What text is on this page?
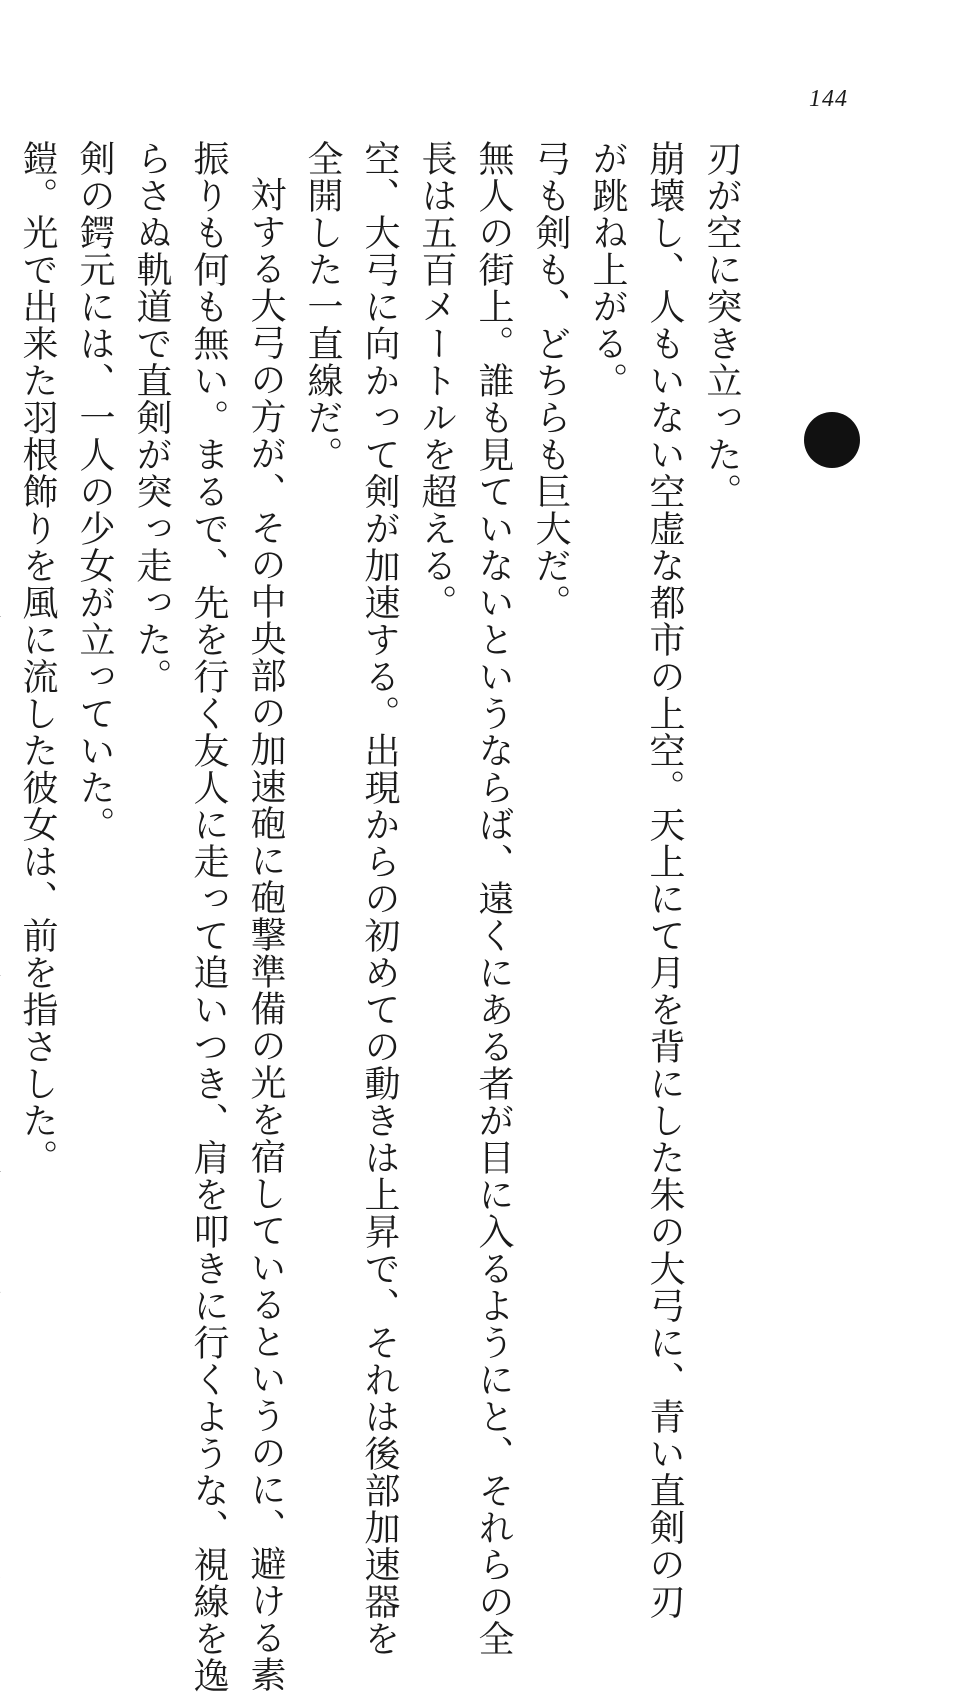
144

刃が空に突き立った。

崩壊し、人もいない空虚な都市の上空。天上にて月を背にした朱の大弓に、青い直剣の刃

が跳ね上がる。

弓も剣も、どちらも巨大だ。

無人の街上。誰も見ていないというならば、遠くにある者が目に入るようにと、それらの全

長は五百メートルを超える。

空、大弓に向かって剣が加速する。出現からの初めての動きは上昇で、それは後部加速器を

全開した一直線だ。

対する大弓の方が、その中央部の加速砲に砲撃準備の光を宿しているというのに、避ける素

振りも何も無い。まるで、先を行く友人に走って追いつき、肩を叩きに行くような、視線を逸

らさぬ軌道で直剣が突っ走った。

剣の鍔元には、一人の少女が立っていた。

鎧。光で出来た羽根飾りを風に流した彼女は、前を指さした。
